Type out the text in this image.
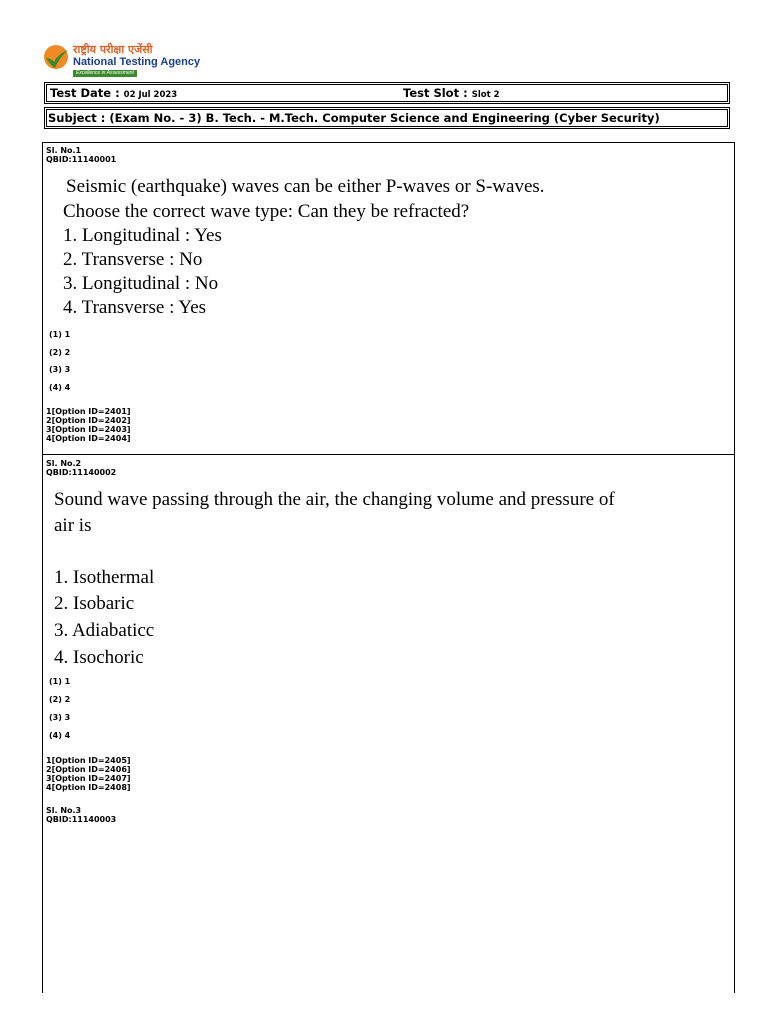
राष्ट्रीय परीक्षा एजेंसी
National Testing Agency
Excellence in Assessment
Test Date : 02 Jul 2023	Test Slot : Slot 2
Subject : (Exam No. - 3) B. Tech. - M.Tech. Computer Science and Engineering (Cyber Security)
Sl. No.1
QBID:11140001
Seismic (earthquake) waves can be either P-waves or S-waves.
Choose the correct wave type: Can they be refracted?
1. Longitudinal : Yes
2. Transverse : No
3. Longitudinal : No
4. Transverse : Yes
(1) 1
(2) 2
(3) 3
(4) 4
1[Option ID=2401]
2[Option ID=2402]
3[Option ID=2403]
4[Option ID=2404]
Sl. No.2
QBID:11140002
Sound wave passing through the air, the changing volume and pressure of
air is
1. Isothermal
2. Isobaric
3. Adiabaticc
4. Isochoric
(1) 1
(2) 2
(3) 3
(4) 4
1[Option ID=2405]
2[Option ID=2406]
3[Option ID=2407]
4[Option ID=2408]
Sl. No.3
QBID:11140003
